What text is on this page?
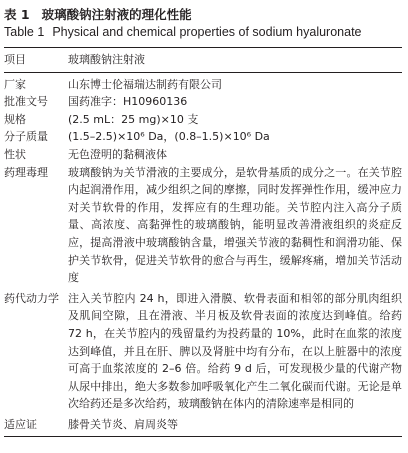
表 1 玻璃酸钠注射液的理化性能
Table 1 Physical and chemical properties of sodium hyaluronate
项目	玻璃酸钠注射液
厂家	山东博士伦福瑞达制药有限公司
批准文号	国药准字：H10960136
规格	(2.5 mL：25 mg)×10 支
分子质量	(1.5–2.5)×10⁶ Da，(0.8–1.5)×10⁶ Da
性状	无色澄明的黏稠液体
药理毒理	玻璃酸钠为关节滑液的主要成分，是软骨基质的成分之一。在关节腔内起润滑作用，减少组织之间的摩擦，同时发挥弹性作用，缓冲应力对关节软骨的作用，发挥应有的生理功能。关节腔内注入高分子质量、高浓度、高黏弹性的玻璃酸钠，能明显改善滑液组织的炎症反应，提高滑液中玻璃酸钠含量，增强关节液的黏稠性和润滑功能、保护关节软骨，促进关节软骨的愈合与再生，缓解疼痛，增加关节活动度
药代动力学	注入关节腔内 24 h，即进入滑膜、软骨表面和相邻的部分肌肉组织及肌间空隙，且在滑液、半月板及软骨表面的浓度达到峰值。给药 72 h，在关节腔内的残留量约为投药量的 10%，此时在血浆的浓度达到峰值，并且在肝、脾以及肾脏中均有分布，在以上脏器中的浓度可高于血浆浓度的 2–6 倍。给药 9 d 后，可发现极少量的代谢产物从尿中排出，绝大多数参加呼吸氧化产生二氧化碳而代谢。无论是单次给药还是多次给药，玻璃酸钠在体内的清除速率是相同的
适应证	膝骨关节炎、肩周炎等
